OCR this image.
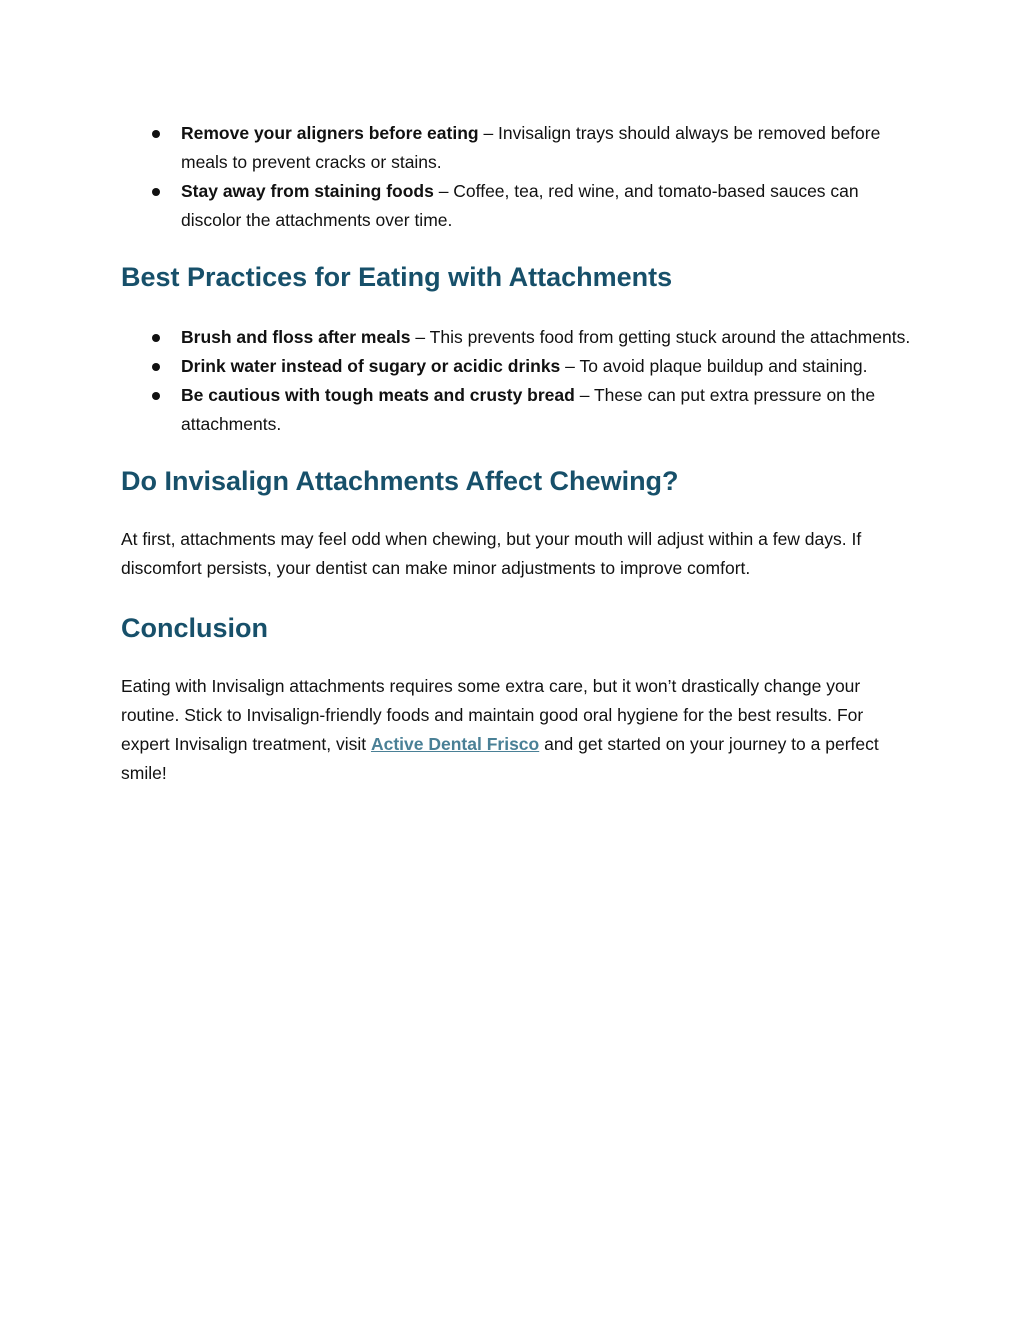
Remove your aligners before eating – Invisalign trays should always be removed before meals to prevent cracks or stains.
Stay away from staining foods – Coffee, tea, red wine, and tomato-based sauces can discolor the attachments over time.
Best Practices for Eating with Attachments
Brush and floss after meals – This prevents food from getting stuck around the attachments.
Drink water instead of sugary or acidic drinks – To avoid plaque buildup and staining.
Be cautious with tough meats and crusty bread – These can put extra pressure on the attachments.
Do Invisalign Attachments Affect Chewing?

At first, attachments may feel odd when chewing, but your mouth will adjust within a few days. If discomfort persists, your dentist can make minor adjustments to improve comfort.

Conclusion

Eating with Invisalign attachments requires some extra care, but it won’t drastically change your routine. Stick to Invisalign-friendly foods and maintain good oral hygiene for the best results. For expert Invisalign treatment, visit Active Dental Frisco and get started on your journey to a perfect smile!
